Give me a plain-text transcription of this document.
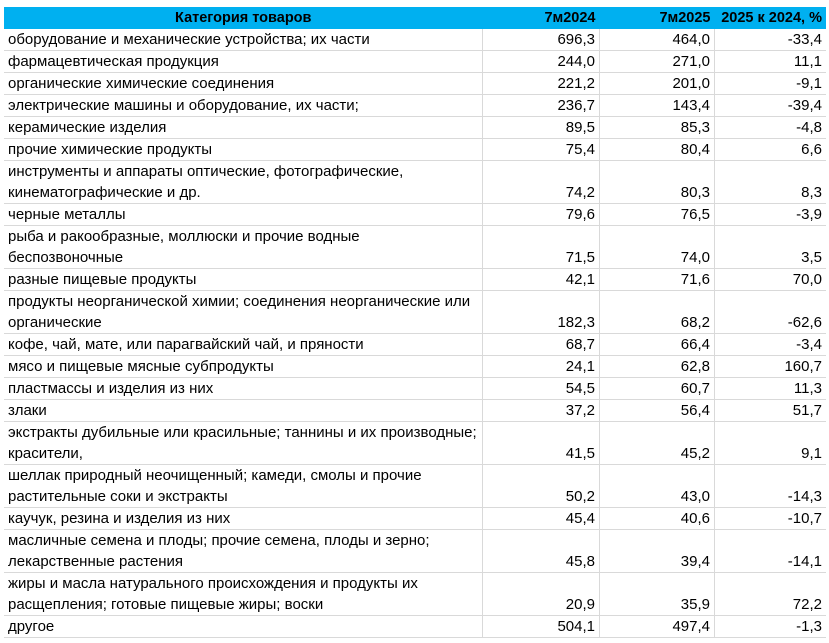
Категория товаров	7м2024	7м2025	2025 к 2024, %
оборудование и механические устройства; их части	696,3	464,0	-33,4
фармацевтическая продукция	244,0	271,0	11,1
органические химические соединения	221,2	201,0	-9,1
электрические машины и оборудование, их части;	236,7	143,4	-39,4
керамические изделия	89,5	85,3	-4,8
прочие химические продукты	75,4	80,4	6,6
инструменты и аппараты оптические, фотографические, кинематографические и др.	74,2	80,3	8,3
черные металлы	79,6	76,5	-3,9
рыба и ракообразные, моллюски и прочие водные беспозвоночные	71,5	74,0	3,5
разные пищевые продукты	42,1	71,6	70,0
продукты неорганической химии; соединения неорганические или органические	182,3	68,2	-62,6
кофе, чай, мате, или парагвайский чай, и пряности	68,7	66,4	-3,4
мясо и пищевые мясные субпродукты	24,1	62,8	160,7
пластмассы и изделия из них	54,5	60,7	11,3
злаки	37,2	56,4	51,7
экстракты дубильные или красильные; таннины и их производные; красители,	41,5	45,2	9,1
шеллак природный неочищенный; камеди, смолы и прочие растительные соки и экстракты	50,2	43,0	-14,3
каучук, резина и изделия из них	45,4	40,6	-10,7
масличные семена и плоды; прочие семена, плоды и зерно; лекарственные растения	45,8	39,4	-14,1
жиры и масла натурального происхождения и продукты их расщепления; готовые пищевые жиры; воски	20,9	35,9	72,2
другое	504,1	497,4	-1,3
